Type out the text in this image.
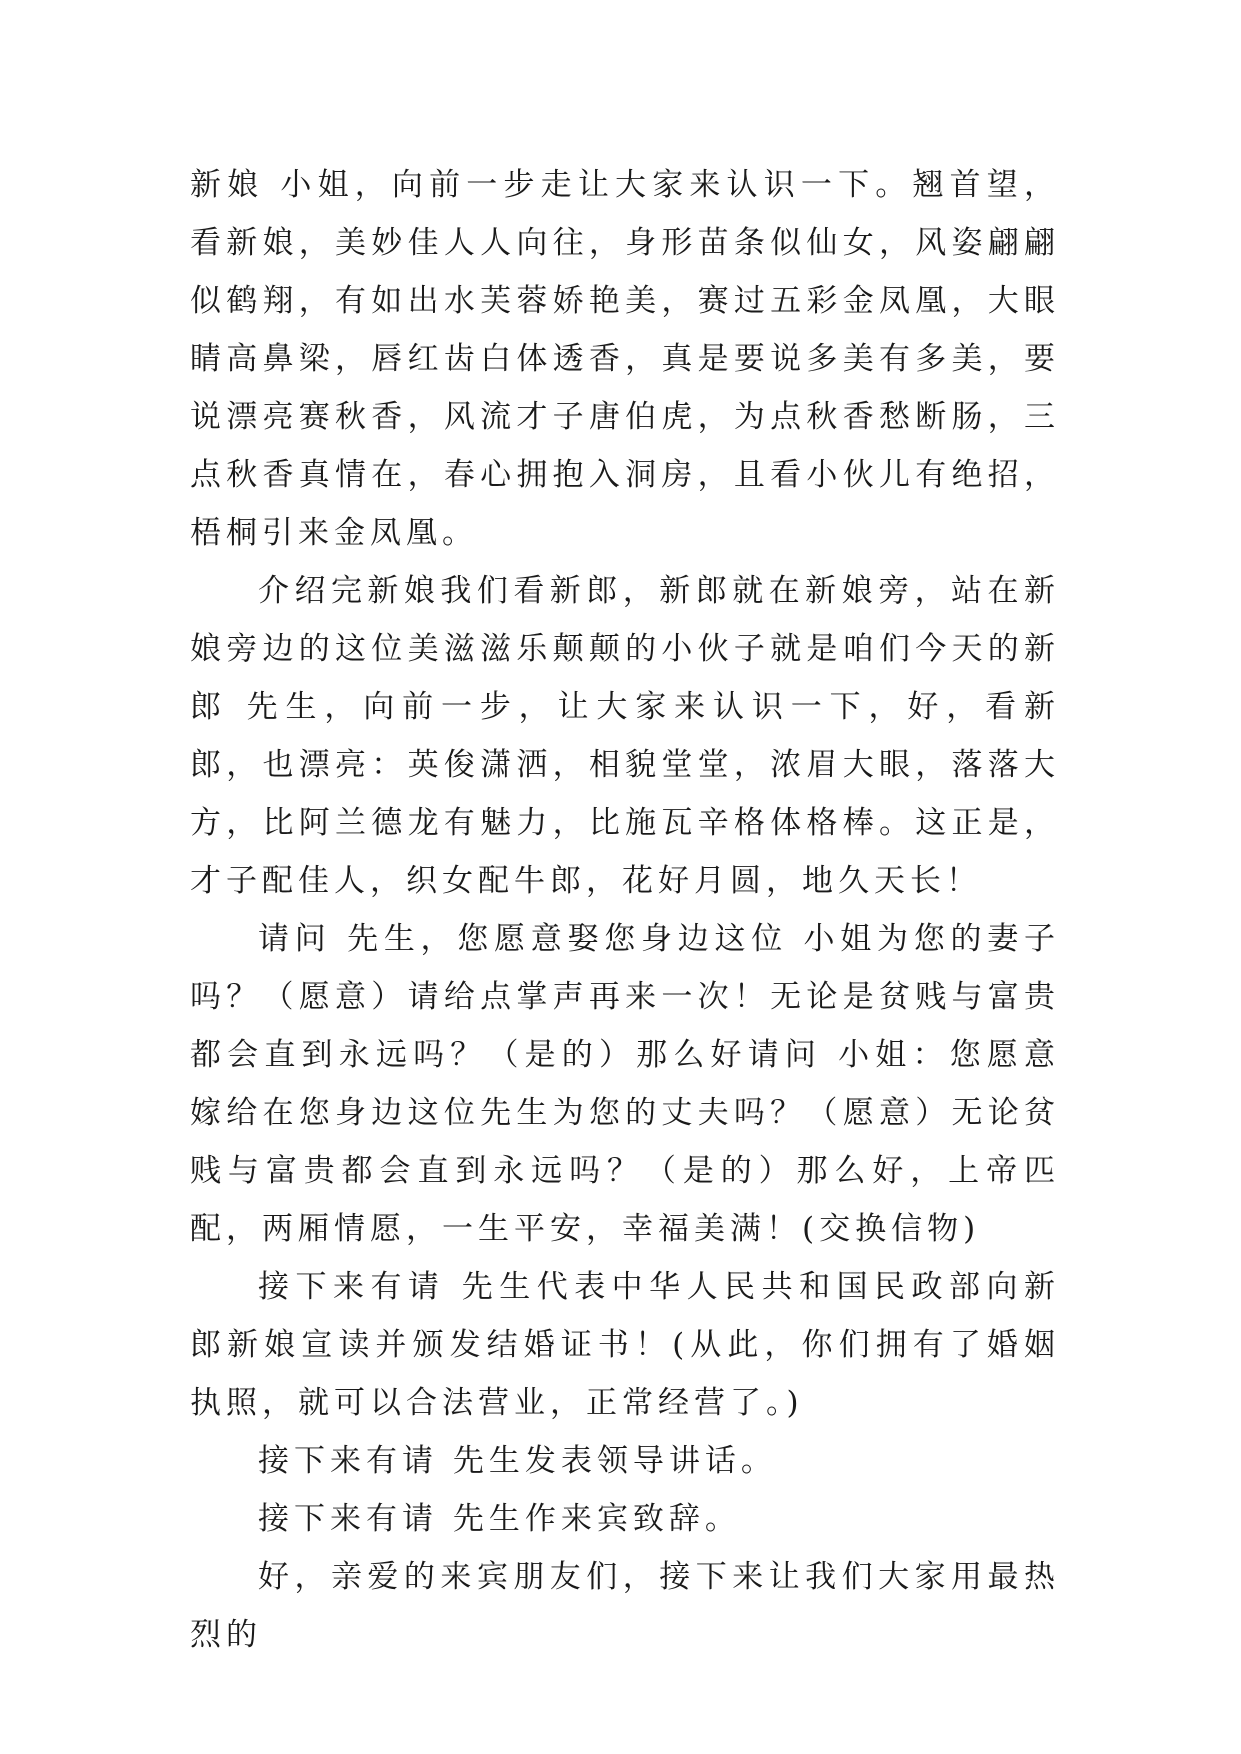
新娘 小姐，向前一步走让大家来认识一下。翘首望，看新娘，美妙佳人人向往，身形苗条似仙女，风姿翩翩似鹤翔，有如出水芙蓉娇艳美，赛过五彩金凤凰，大眼睛高鼻梁，唇红齿白体透香，真是要说多美有多美，要说漂亮赛秋香，风流才子唐伯虎，为点秋香愁断肠，三点秋香真情在，春心拥抱入洞房，且看小伙儿有绝招，梧桐引来金凤凰。

介绍完新娘我们看新郎，新郎就在新娘旁，站在新娘旁边的这位美滋滋乐颠颠的小伙子就是咱们今天的新郎 先生，向前一步，让大家来认识一下，好，看新郎，也漂亮：英俊潇洒，相貌堂堂，浓眉大眼，落落大方，比阿兰德龙有魅力，比施瓦辛格体格棒。这正是，才子配佳人，织女配牛郎，花好月圆，地久天长！

请问 先生，您愿意娶您身边这位 小姐为您的妻子吗？（愿意）请给点掌声再来一次！无论是贫贱与富贵都会直到永远吗？（是的）那么好请问 小姐：您愿意嫁给在您身边这位先生为您的丈夫吗？（愿意）无论贫贱与富贵都会直到永远吗？（是的）那么好，上帝匹配，两厢情愿，一生平安，幸福美满！(交换信物)

接下来有请 先生代表中华人民共和国民政部向新郎新娘宣读并颁发结婚证书！(从此，你们拥有了婚姻执照，就可以合法营业，正常经营了。)

接下来有请 先生发表领导讲话。

接下来有请 先生作来宾致辞。

好，亲爱的来宾朋友们，接下来让我们大家用最热烈的
